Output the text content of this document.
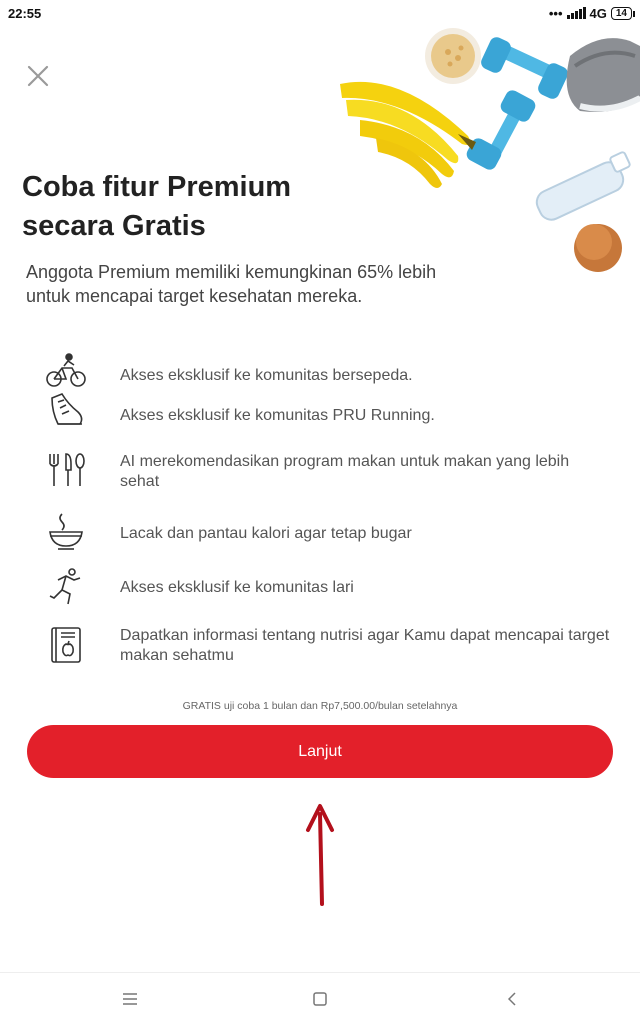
22:55	••• 4G 14
Coba fitur Premium
secara Gratis

Anggota Premium memiliki kemungkinan 65% lebih
untuk mencapai target kesehatan mereka.

Akses eksklusif ke komunitas bersepeda.
Akses eksklusif ke komunitas PRU Running.
AI merekomendasikan program makan untuk makan yang lebih sehat
Lacak dan pantau kalori agar tetap bugar
Akses eksklusif ke komunitas lari
Dapatkan informasi tentang nutrisi agar Kamu dapat mencapai target makan sehatmu
GRATIS uji coba 1 bulan dan Rp7,500.00/bulan setelahnya
Lanjut
